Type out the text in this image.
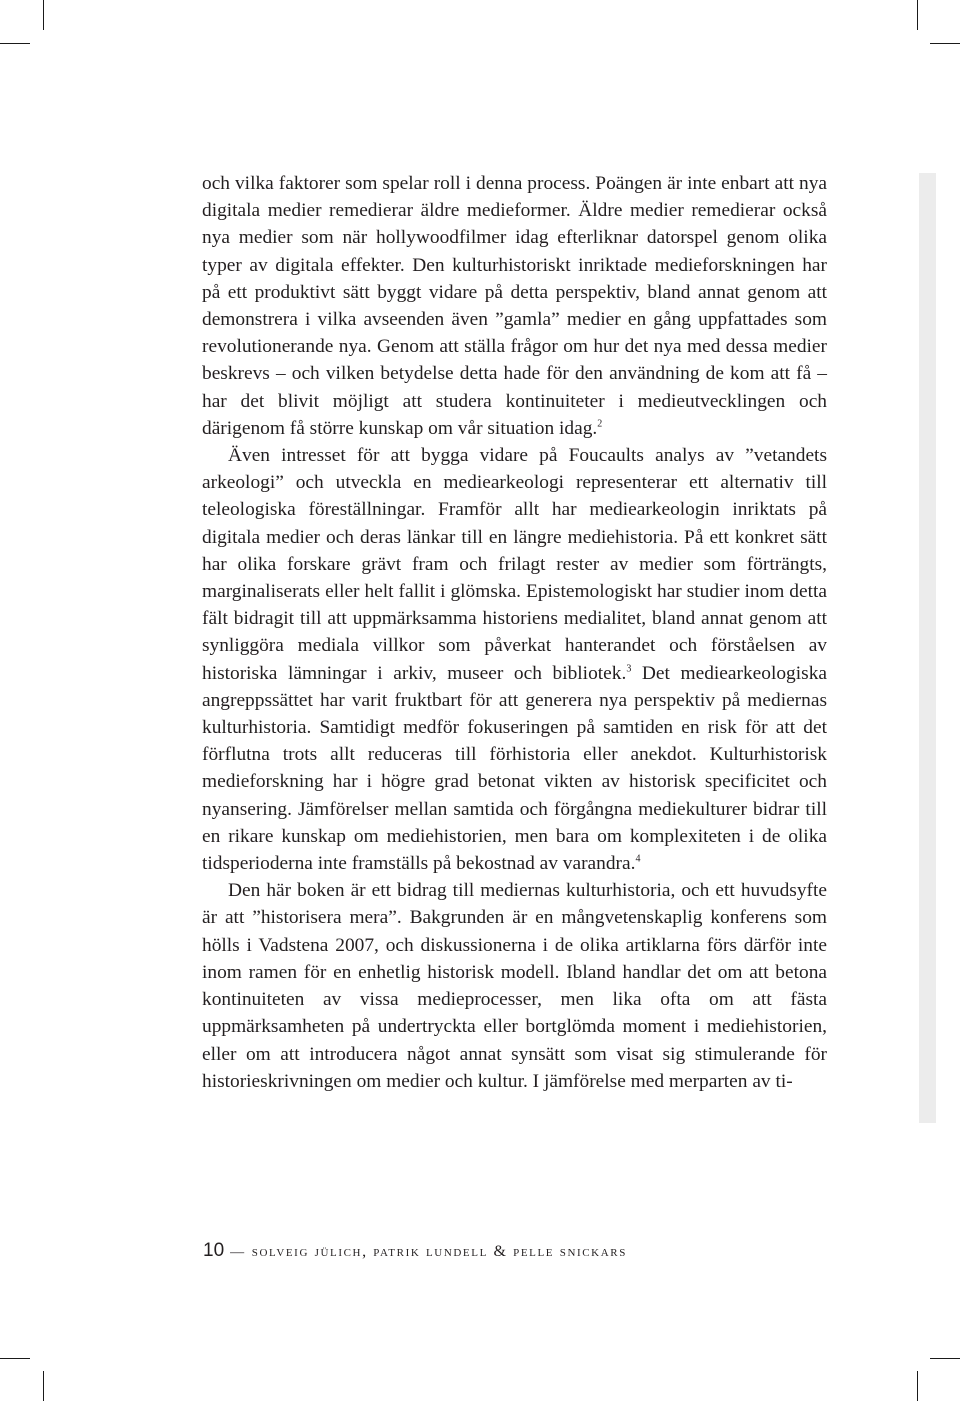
och vilka faktorer som spelar roll i denna process. Poängen är inte enbart att nya digitala medier remedierar äldre medieformer. Äldre medier remedierar också nya medier som när hollywoodfilmer idag efterliknar datorspel genom olika typer av digitala effekter. Den kulturhistoriskt inriktade medieforskningen har på ett produktivt sätt byggt vidare på detta perspektiv, bland annat genom att demonstrera i vilka avseenden även ”gamla” medier en gång uppfattades som revolutionerande nya. Genom att ställa frågor om hur det nya med dessa medier beskrevs – och vilken betydelse detta hade för den användning de kom att få – har det blivit möjligt att studera kontinuiteter i medieutvecklingen och därigenom få större kunskap om vår situation idag.$^2$

Även intresset för att bygga vidare på Foucaults analys av ”vetandets arkeologi” och utveckla en mediearkeologi representerar ett alternativ till teleologiska föreställningar. Framför allt har mediearkeologin inriktats på digitala medier och deras länkar till en längre mediehistoria. På ett konkret sätt har olika forskare grävt fram och frilagt rester av medier som förträngts, marginaliserats eller helt fallit i glömska. Epistemologiskt har studier inom detta fält bidragit till att uppmärksamma historiens medialitet, bland annat genom att synliggöra mediala villkor som påverkat hanterandet och förståelsen av historiska lämningar i arkiv, museer och bibliotek.$^3$ Det mediearkeologiska angreppssättet har varit fruktbart för att generera nya perspektiv på mediernas kulturhistoria. Samtidigt medför fokuseringen på samtiden en risk för att det förflutna trots allt reduceras till förhistoria eller anekdot. Kulturhistorisk medieforskning har i högre grad betonat vikten av historisk specificitet och nyansering. Jämförelser mellan samtida och förgångna mediekulturer bidrar till en rikare kunskap om mediehistorien, men bara om komplexiteten i de olika tidsperioderna inte framställs på bekostnad av varandra.$^4$

Den här boken är ett bidrag till mediernas kulturhistoria, och ett huvudsyfte är att ”historisera mera”. Bakgrunden är en mångvetenskaplig konferens som hölls i Vadstena 2007, och diskussionerna i de olika artiklarna förs därför inte inom ramen för en enhetlig historisk modell. Ibland handlar det om att betona kontinuiteten av vissa medieprocesser, men lika ofta om att fästa uppmärksamheten på undertryckta eller bortglömda moment i mediehistorien, eller om att introducera något annat synsätt som visat sig stimulerande för historieskrivningen om medier och kultur. I jämförelse med merparten av ti-

10 — solveig jülich, patrik lundell & pelle snickars
